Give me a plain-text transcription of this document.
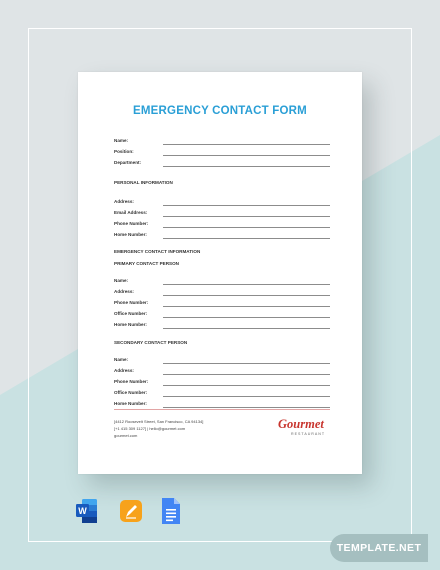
EMERGENCY CONTACT FORM
Name:
Position:
Department:
PERSONAL INFORMATION
Address:
Email Address:
Phone Number:
Home Number:
EMERGENCY CONTACT INFORMATION
PRIMARY CONTACT PERSON
Name:
Address:
Phone Number:
Office Number:
Home Number:
SECONDARY CONTACT PERSON
Name:
Address:
Phone Number:
Office Number:
Home Number:
[4412 Roosevelt Street, San Francisco, CA 94134]
[+1 415 309 1127] | hello@gourmet.com
gourmet.com
Gourmet
RESTAURANT
W
TEMPLATE.NET
